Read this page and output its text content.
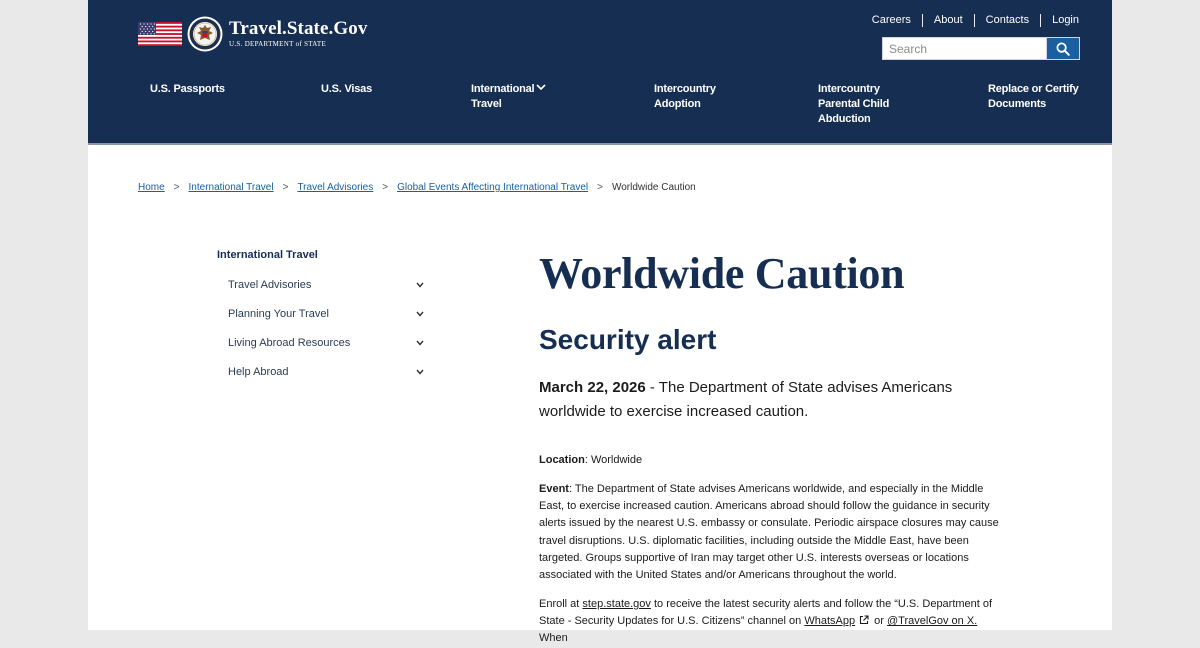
Travel.State.Gov
U.S. DEPARTMENT of STATE
Careers	About	Contacts	Login
Search
U.S. Passports	U.S. Visas	International
Travel
Intercountry
Adoption
Intercountry
Parental Child
Abduction
Replace or Certify
Documents
Home > International Travel > Travel Advisories > Global Events Affecting International Travel > Worldwide Caution
International Travel
Travel Advisories
Planning Your Travel
Living Abroad Resources
Help Abroad
Worldwide Caution
Security alert

March 22, 2026 - The Department of State advises Americans worldwide to exercise increased caution.

Location: Worldwide

Event: The Department of State advises Americans worldwide, and especially in the Middle East, to exercise increased caution. Americans abroad should follow the guidance in security alerts issued by the nearest U.S. embassy or consulate. Periodic airspace closures may cause travel disruptions. U.S. diplomatic facilities, including outside the Middle East, have been targeted. Groups supportive of Iran may target other U.S. interests overseas or locations associated with the United States and/or Americans throughout the world.

Enroll at step.state.gov to receive the latest security alerts and follow the “U.S. Department of State - Security Updates for U.S. Citizens” channel on WhatsApp or @TravelGov on X. When
